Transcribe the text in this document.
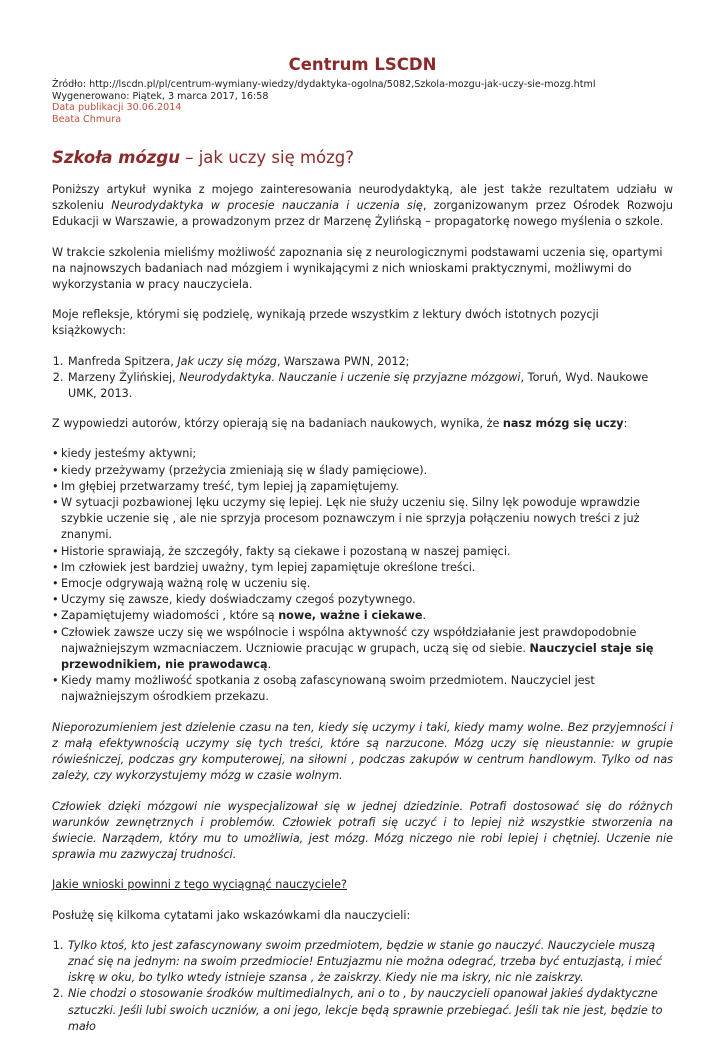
Centrum LSCDN
Źródło: http://lscdn.pl/pl/centrum-wymiany-wiedzy/dydaktyka-ogolna/5082,Szkola-mozgu-jak-uczy-sie-mozg.html
Wygenerowano: Piątek, 3 marca 2017, 16:58
Data publikacji 30.06.2014
Beata Chmura
Szkoła mózgu – jak uczy się mózg?

Poniższy artykuł wynika z mojego zainteresowania neurodydaktyką, ale jest także rezultatem udziału w szkoleniu Neurodydaktyka w procesie nauczania i uczenia się, zorganizowanym przez Ośrodek Rozwoju Edukacji w Warszawie, a prowadzonym przez dr Marzenę Żylińską – propagatorkę nowego myślenia o szkole.

W trakcie szkolenia mieliśmy możliwość zapoznania się z neurologicznymi podstawami uczenia się, opartymi na najnowszych badaniach nad mózgiem i wynikającymi z nich wnioskami praktycznymi, możliwymi do wykorzystania w pracy nauczyciela.

Moje refleksje, którymi się podzielę, wynikają przede wszystkim z lektury dwóch istotnych pozycji książkowych:

1. Manfreda Spitzera, Jak uczy się mózg, Warszawa PWN, 2012;
2. Marzeny Żylińskiej, Neurodydaktyka. Nauczanie i uczenie się przyjazne mózgowi, Toruń, Wyd. Naukowe UMK, 2013.

Z wypowiedzi autorów, którzy opierają się na badaniach naukowych, wynika, że nasz mózg się uczy:

• kiedy jesteśmy aktywni;
• kiedy przeżywamy (przeżycia zmieniają się w ślady pamięciowe).
• Im głębiej przetwarzamy treść, tym lepiej ją zapamiętujemy.
• W sytuacji pozbawionej lęku uczymy się lepiej. Lęk nie służy uczeniu się. Silny lęk powoduje wprawdzie szybkie uczenie się , ale nie sprzyja procesom poznawczym i nie sprzyja połączeniu nowych treści z już znanymi.
• Historie sprawiają, że szczegóły, fakty są ciekawe i pozostaną w naszej pamięci.
• Im człowiek jest bardziej uważny, tym lepiej zapamiętuje określone treści.
• Emocje odgrywają ważną rolę w uczeniu się.
• Uczymy się zawsze, kiedy doświadczamy czegoś pozytywnego.
• Zapamiętujemy wiadomości , które są nowe, ważne i ciekawe.
• Człowiek zawsze uczy się we wspólnocie i wspólna aktywność czy współdziałanie jest prawdopodobnie najważniejszym wzmacniaczem. Uczniowie pracując w grupach, uczą się od siebie. Nauczyciel staje się przewodnikiem, nie prawodawcą.
• Kiedy mamy możliwość spotkania z osobą zafascynowaną swoim przedmiotem. Nauczyciel jest najważniejszym ośrodkiem przekazu.

Nieporozumieniem jest dzielenie czasu na ten, kiedy się uczymy i taki, kiedy mamy wolne. Bez przyjemności i z małą efektywnością uczymy się tych treści, które są narzucone. Mózg uczy się nieustannie: w grupie rówieśniczej, podczas gry komputerowej, na siłowni , podczas zakupów w centrum handlowym. Tylko od nas zależy, czy wykorzystujemy mózg w czasie wolnym.

Człowiek dzięki mózgowi nie wyspecjalizował się w jednej dziedzinie. Potrafi dostosować się do różnych warunków zewnętrznych i problemów. Człowiek potrafi się uczyć i to lepiej niż wszystkie stworzenia na świecie. Narządem, który mu to umożliwia, jest mózg. Mózg niczego nie robi lepiej i chętniej. Uczenie nie sprawia mu zazwyczaj trudności.

Jakie wnioski powinni z tego wyciągnąć nauczyciele?

Posłużę się kilkoma cytatami jako wskazówkami dla nauczycieli:

1. Tylko ktoś, kto jest zafascynowany swoim przedmiotem, będzie w stanie go nauczyć. Nauczyciele muszą znać się na jednym: na swoim przedmiocie! Entuzjazmu nie można odegrać, trzeba być entuzjastą, i mieć iskrę w oku, bo tylko wtedy istnieje szansa , że zaiskrzy. Kiedy nie ma iskry, nic nie zaiskrzy.
2. Nie chodzi o stosowanie środków multimedialnych, ani o to , by nauczycieli opanował jakieś dydaktyczne sztuczki. Jeśli lubi swoich uczniów, a oni jego, lekcje będą sprawnie przebiegać. Jeśli tak nie jest, będzie to mało
